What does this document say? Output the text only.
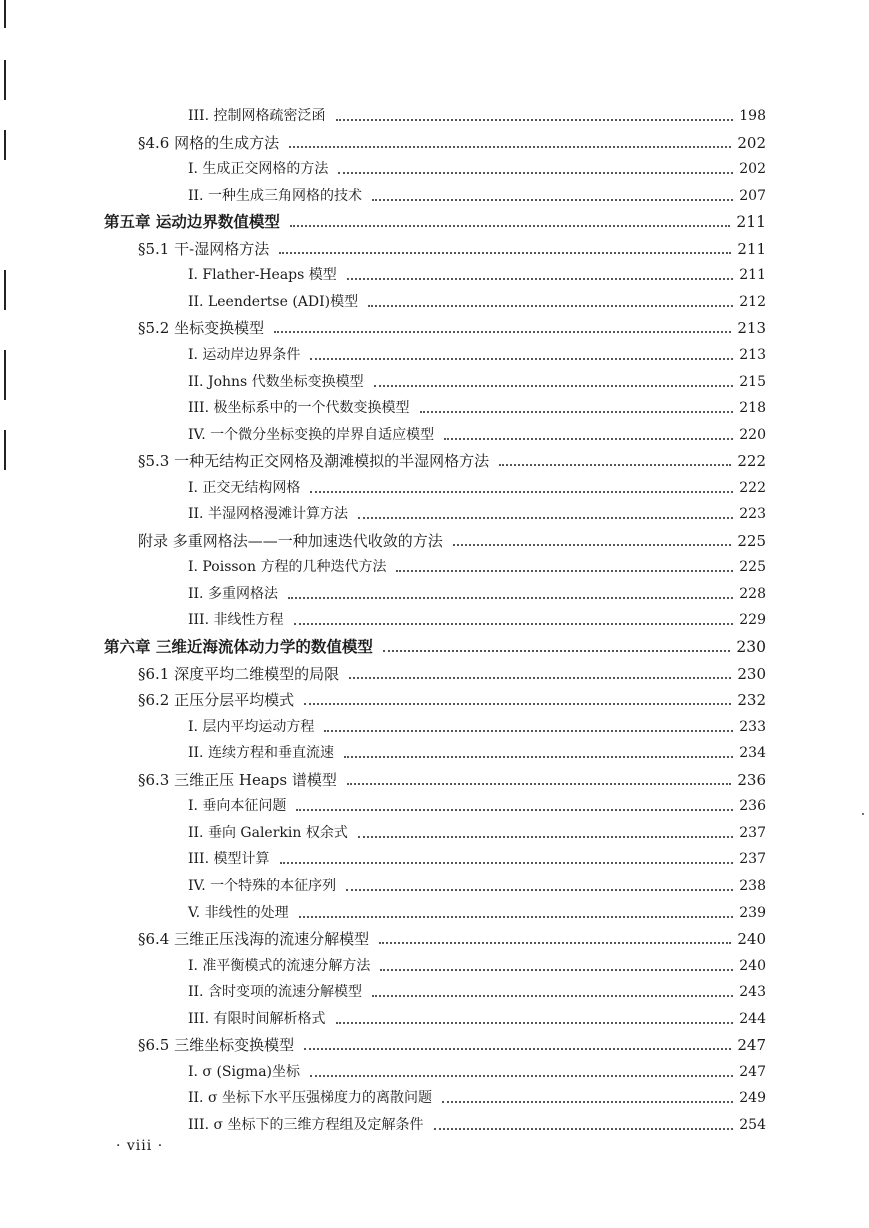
III. 控制网格疏密泛函	198
§4.6 网格的生成方法	202
I. 生成正交网格的方法	202
II. 一种生成三角网格的技术	207
第五章 运动边界数值模型	211
§5.1 干-湿网格方法	211
I. Flather-Heaps 模型	211
II. Leendertse (ADI)模型	212
§5.2 坐标变换模型	213
I. 运动岸边界条件	213
II. Johns 代数坐标变换模型	215
III. 极坐标系中的一个代数变换模型	218
IV. 一个微分坐标变换的岸界自适应模型	220
§5.3 一种无结构正交网格及潮滩模拟的半湿网格方法	222
I. 正交无结构网格	222
II. 半湿网格漫滩计算方法	223
附录 多重网格法——一种加速迭代收敛的方法	225
I. Poisson 方程的几种迭代方法	225
II. 多重网格法	228
III. 非线性方程	229
第六章 三维近海流体动力学的数值模型	230
§6.1 深度平均二维模型的局限	230
§6.2 正压分层平均模式	232
I. 层内平均运动方程	233
II. 连续方程和垂直流速	234
§6.3 三维正压 Heaps 谱模型	236
I. 垂向本征问题	236
II. 垂向 Galerkin 权余式	237
III. 模型计算	237
IV. 一个特殊的本征序列	238
V. 非线性的处理	239
§6.4 三维正压浅海的流速分解模型	240
I. 准平衡模式的流速分解方法	240
II. 含时变项的流速分解模型	243
III. 有限时间解析格式	244
§6.5 三维坐标变换模型	247
I. σ (Sigma)坐标	247
II. σ 坐标下水平压强梯度力的离散问题	249
III. σ 坐标下的三维方程组及定解条件	254
· viii ·
